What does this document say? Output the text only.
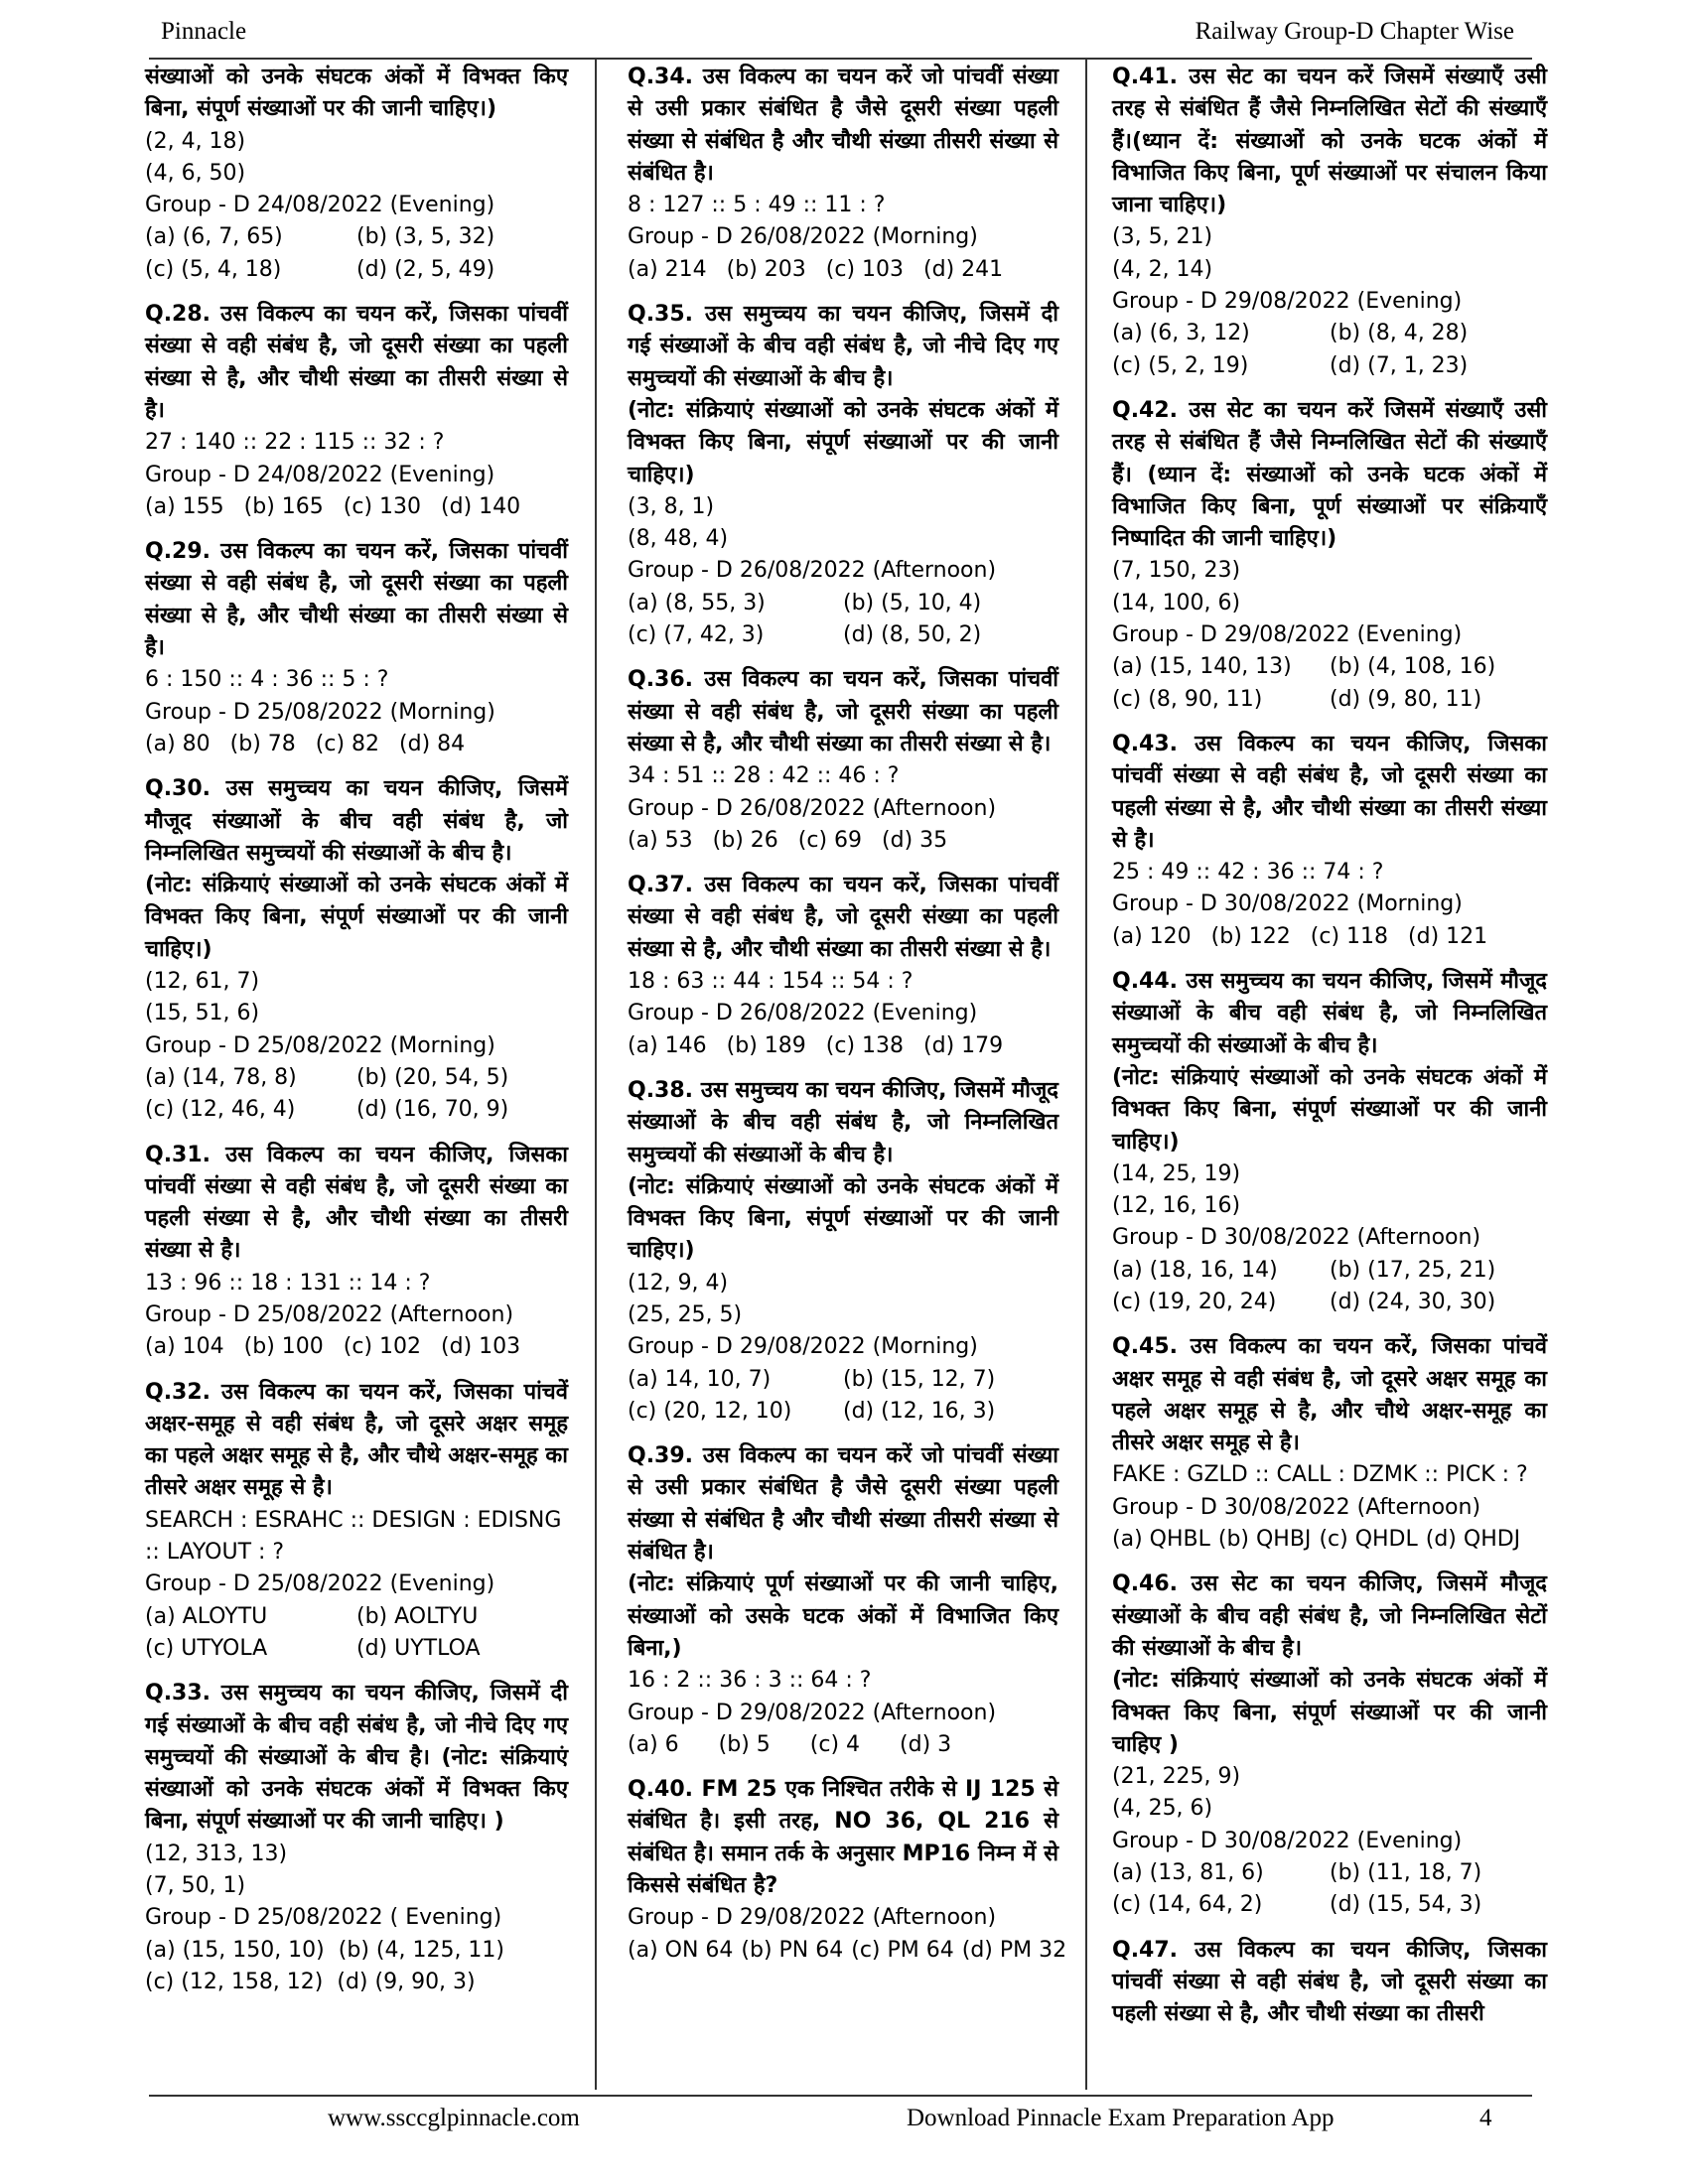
Pinnacle	Railway Group-D Chapter Wise
संख्याओं को उनके संघटक अंकों में विभक्त किए बिना, संपूर्ण संख्याओं पर की जानी चाहिए।)
(2, 4, 18)
(4, 6, 50)
Group - D 24/08/2022 (Evening)
(a) (6, 7, 65)	(b) (3, 5, 32)
(c) (5, 4, 18)	(d) (2, 5, 49)
Q.28. उस विकल्प का चयन करें, जिसका पांचवीं संख्या से वही संबंध है, जो दूसरी संख्या का पहली संख्या से है, और चौथी संख्या का तीसरी संख्या से है।
27 : 140 :: 22 : 115 :: 32 : ?
Group - D 24/08/2022 (Evening)
(a) 155 (b) 165 (c) 130 (d) 140
Q.29. उस विकल्प का चयन करें, जिसका पांचवीं संख्या से वही संबंध है, जो दूसरी संख्या का पहली संख्या से है, और चौथी संख्या का तीसरी संख्या से है।
6 : 150 :: 4 : 36 :: 5 : ?
Group - D 25/08/2022 (Morning)
(a) 80 (b) 78 (c) 82 (d) 84
Q.30. उस समुच्चय का चयन कीजिए, जिसमें मौजूद संख्याओं के बीच वही संबंध है, जो निम्नलिखित समुच्चयों की संख्याओं के बीच है।
(नोट: संक्रियाएं संख्याओं को उनके संघटक अंकों में विभक्त किए बिना, संपूर्ण संख्याओं पर की जानी चाहिए।)
(12, 61, 7)
(15, 51, 6)
Group - D 25/08/2022 (Morning)
(a) (14, 78, 8)	(b) (20, 54, 5)
(c) (12, 46, 4)	(d) (16, 70, 9)
Q.31. उस विकल्प का चयन कीजिए, जिसका पांचवीं संख्या से वही संबंध है, जो दूसरी संख्या का पहली संख्या से है, और चौथी संख्या का तीसरी संख्या से है।
13 : 96 :: 18 : 131 :: 14 : ?
Group - D 25/08/2022 (Afternoon)
(a) 104 (b) 100 (c) 102 (d) 103
Q.32. उस विकल्प का चयन करें, जिसका पांचवें अक्षर-समूह से वही संबंध है, जो दूसरे अक्षर समूह का पहले अक्षर समूह से है, और चौथे अक्षर-समूह का तीसरे अक्षर समूह से है।
SEARCH : ESRAHC :: DESIGN : EDISNG :: LAYOUT : ?
Group - D 25/08/2022 (Evening)
(a) ALOYTU	(b) AOLTYU
(c) UTYOLA	(d) UYTLOA
Q.33. उस समुच्चय का चयन कीजिए, जिसमें दी गई संख्याओं के बीच वही संबंध है, जो नीचे दिए गए समुच्चयों की संख्याओं के बीच है। (नोट: संक्रियाएं संख्याओं को उनके संघटक अंकों में विभक्त किए बिना, संपूर्ण संख्याओं पर की जानी चाहिए। )
(12, 313, 13)
(7, 50, 1)
Group - D 25/08/2022 ( Evening)
(a) (15, 150, 10) (b) (4, 125, 11)
(c) (12, 158, 12) (d) (9, 90, 3)
Q.34. उस विकल्प का चयन करें जो पांचवीं संख्या से उसी प्रकार संबंधित है जैसे दूसरी संख्या पहली संख्या से संबंधित है और चौथी संख्या तीसरी संख्या से संबंधित है।
8 : 127 :: 5 : 49 :: 11 : ?
Group - D 26/08/2022 (Morning)
(a) 214 (b) 203 (c) 103 (d) 241
Q.35. उस समुच्चय का चयन कीजिए, जिसमें दी गई संख्याओं के बीच वही संबंध है, जो नीचे दिए गए समुच्चयों की संख्याओं के बीच है।
(नोट: संक्रियाएं संख्याओं को उनके संघटक अंकों में विभक्त किए बिना, संपूर्ण संख्याओं पर की जानी चाहिए।)
(3, 8, 1)
(8, 48, 4)
Group - D 26/08/2022 (Afternoon)
(a) (8, 55, 3)	(b) (5, 10, 4)
(c) (7, 42, 3)	(d) (8, 50, 2)
Q.36. उस विकल्प का चयन करें, जिसका पांचवीं संख्या से वही संबंध है, जो दूसरी संख्या का पहली संख्या से है, और चौथी संख्या का तीसरी संख्या से है।
34 : 51 :: 28 : 42 :: 46 : ?
Group - D 26/08/2022 (Afternoon)
(a) 53 (b) 26 (c) 69 (d) 35
Q.37. उस विकल्प का चयन करें, जिसका पांचवीं संख्या से वही संबंध है, जो दूसरी संख्या का पहली संख्या से है, और चौथी संख्या का तीसरी संख्या से है।
18 : 63 :: 44 : 154 :: 54 : ?
Group - D 26/08/2022 (Evening)
(a) 146 (b) 189 (c) 138 (d) 179
Q.38. उस समुच्चय का चयन कीजिए, जिसमें मौजूद संख्याओं के बीच वही संबंध है, जो निम्नलिखित समुच्चयों की संख्याओं के बीच है।
(नोट: संक्रियाएं संख्याओं को उनके संघटक अंकों में विभक्त किए बिना, संपूर्ण संख्याओं पर की जानी चाहिए।)
(12, 9, 4)
(25, 25, 5)
Group - D 29/08/2022 (Morning)
(a) 14, 10, 7)	(b) (15, 12, 7)
(c) (20, 12, 10)	(d) (12, 16, 3)
Q.39. उस विकल्प का चयन करें जो पांचवीं संख्या से उसी प्रकार संबंधित है जैसे दूसरी संख्या पहली संख्या से संबंधित है और चौथी संख्या तीसरी संख्या से संबंधित है।
(नोट: संक्रियाएं पूर्ण संख्याओं पर की जानी चाहिए, संख्याओं को उसके घटक अंकों में विभाजित किए बिना,)
16 : 2 :: 36 : 3 :: 64 : ?
Group - D 29/08/2022 (Afternoon)
(a) 6 (b) 5 (c) 4 (d) 3
Q.40. FM 25 एक निश्चित तरीके से IJ 125 से संबंधित है। इसी तरह, NO 36, QL 216 से संबंधित है। समान तर्क के अनुसार MP16 निम्न में से किससे संबंधित है?
Group - D 29/08/2022 (Afternoon)
(a) ON 64 (b) PN 64 (c) PM 64 (d) PM 32
Q.41. उस सेट का चयन करें जिसमें संख्याएँ उसी तरह से संबंधित हैं जैसे निम्नलिखित सेटों की संख्याएँ हैं।(ध्यान दें: संख्याओं को उनके घटक अंकों में विभाजित किए बिना, पूर्ण संख्याओं पर संचालन किया जाना चाहिए।)
(3, 5, 21)
(4, 2, 14)
Group - D 29/08/2022 (Evening)
(a) (6, 3, 12)	(b) (8, 4, 28)
(c) (5, 2, 19)	(d) (7, 1, 23)
Q.42. उस सेट का चयन करें जिसमें संख्याएँ उसी तरह से संबंधित हैं जैसे निम्नलिखित सेटों की संख्याएँ हैं। (ध्यान दें: संख्याओं को उनके घटक अंकों में विभाजित किए बिना, पूर्ण संख्याओं पर संक्रियाएँ निष्पादित की जानी चाहिए।)
(7, 150, 23)
(14, 100, 6)
Group - D 29/08/2022 (Evening)
(a) (15, 140, 13)	(b) (4, 108, 16)
(c) (8, 90, 11)	(d) (9, 80, 11)
Q.43. उस विकल्प का चयन कीजिए, जिसका पांचवीं संख्या से वही संबंध है, जो दूसरी संख्या का पहली संख्या से है, और चौथी संख्या का तीसरी संख्या से है।
25 : 49 :: 42 : 36 :: 74 : ?
Group - D 30/08/2022 (Morning)
(a) 120 (b) 122 (c) 118 (d) 121
Q.44. उस समुच्चय का चयन कीजिए, जिसमें मौजूद संख्याओं के बीच वही संबंध है, जो निम्नलिखित समुच्चयों की संख्याओं के बीच है।
(नोट: संक्रियाएं संख्याओं को उनके संघटक अंकों में विभक्त किए बिना, संपूर्ण संख्याओं पर की जानी चाहिए।)
(14, 25, 19)
(12, 16, 16)
Group - D 30/08/2022 (Afternoon)
(a) (18, 16, 14)	(b) (17, 25, 21)
(c) (19, 20, 24)	(d) (24, 30, 30)
Q.45. उस विकल्प का चयन करें, जिसका पांचवें अक्षर समूह से वही संबंध है, जो दूसरे अक्षर समूह का पहले अक्षर समूह से है, और चौथे अक्षर-समूह का तीसरे अक्षर समूह से है।
FAKE : GZLD :: CALL : DZMK :: PICK : ?
Group - D 30/08/2022 (Afternoon)
(a) QHBL (b) QHBJ (c) QHDL (d) QHDJ
Q.46. उस सेट का चयन कीजिए, जिसमें मौजूद संख्याओं के बीच वही संबंध है, जो निम्नलिखित सेटों की संख्याओं के बीच है।
(नोट: संक्रियाएं संख्याओं को उनके संघटक अंकों में विभक्त किए बिना, संपूर्ण संख्याओं पर की जानी चाहिए )
(21, 225, 9)
(4, 25, 6)
Group - D 30/08/2022 (Evening)
(a) (13, 81, 6)	(b) (11, 18, 7)
(c) (14, 64, 2)	(d) (15, 54, 3)
Q.47. उस विकल्प का चयन कीजिए, जिसका पांचवीं संख्या से वही संबंध है, जो दूसरी संख्या का पहली संख्या से है, और चौथी संख्या का तीसरी
www.ssccglpinnacle.com	Download Pinnacle Exam Preparation App	4
